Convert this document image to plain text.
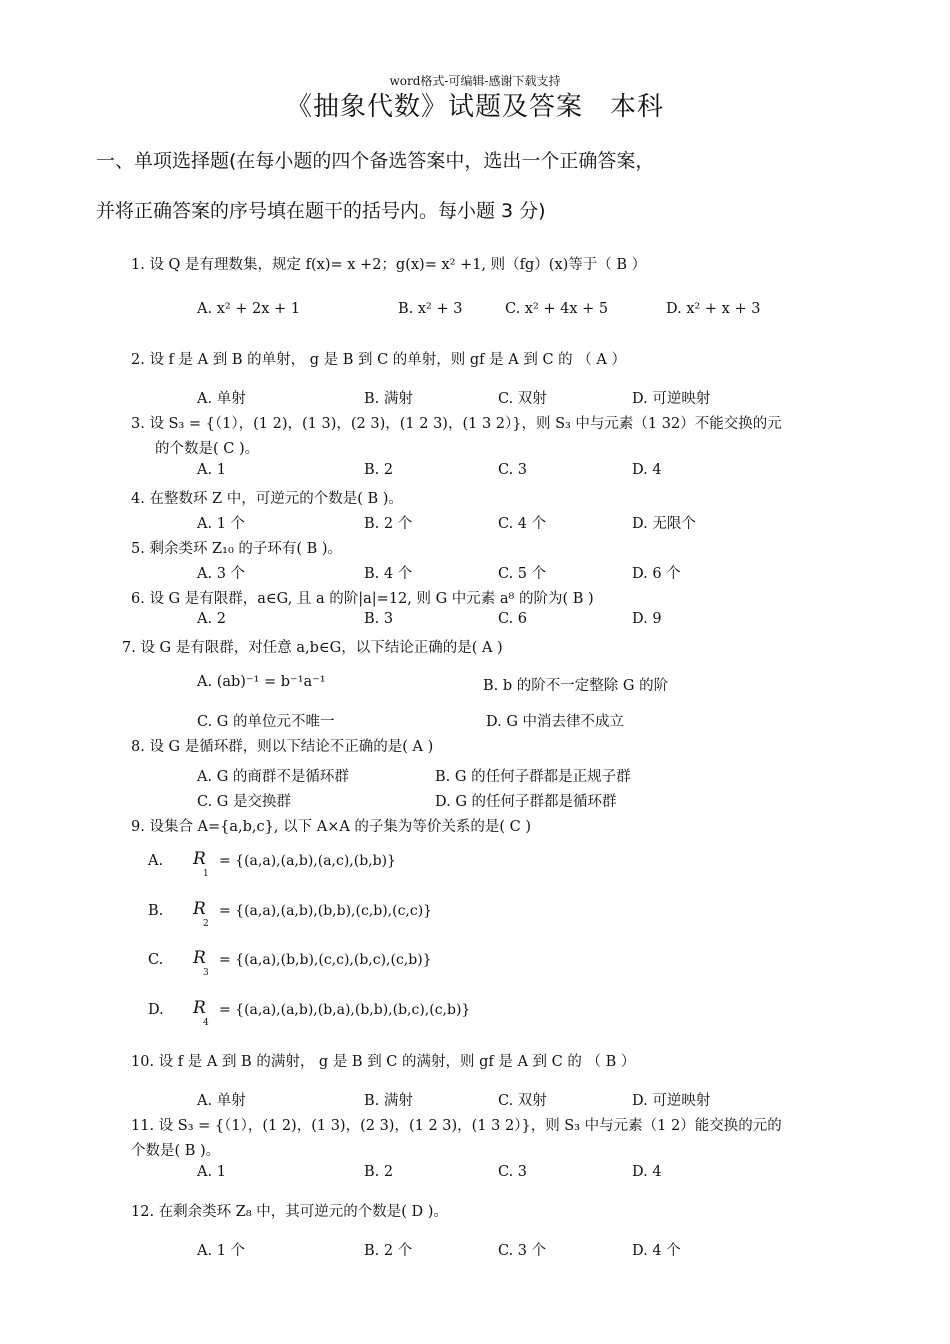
word格式-可编辑-感谢下载支持
《抽象代数》试题及答案　本科
一、单项选择题(在每小题的四个备选答案中，选出一个正确答案，
并将正确答案的序号填在题干的括号内。每小题 3 分)
1. 设 Q 是有理数集，规定 f(x)= x +2；g(x)= x² +1, 则（fg）(x)等于（ B ）
A. x² + 2x + 1	B. x² + 3	C. x² + 4x + 5	D. x² + x + 3
2. 设 f 是 A 到 B 的单射， g 是 B 到 C 的单射，则 gf 是 A 到 C 的 （ A ）
A. 单射	B. 满射	C. 双射	D. 可逆映射
3. 设 S₃ = {（1），(1 2)，(1 3)，(2 3)，(1 2 3)，(1 3 2）}，则 S₃ 中与元素（1 32）不能交换的元
的个数是( C )。
A. 1	B. 2	C. 3	D. 4
4. 在整数环 Z 中，可逆元的个数是( B )。
A. 1 个	B. 2 个	C. 4 个	D. 无限个
5. 剩余类环 Z₁₀ 的子环有( B )。
A. 3 个	B. 4 个	C. 5 个	D. 6 个
6. 设 G 是有限群，a∈G, 且 a 的阶|a|=12, 则 G 中元素 a⁸ 的阶为( B )
A. 2	B. 3	C. 6	D. 9
7. 设 G 是有限群，对任意 a,b∈G，以下结论正确的是( A )
A. (ab)⁻¹ = b⁻¹a⁻¹	B. b 的阶不一定整除 G 的阶
C. G 的单位元不唯一	D. G 中消去律不成立
8. 设 G 是循环群，则以下结论不正确的是( A )
A. G 的商群不是循环群	B. G 的任何子群都是正规子群
C. G 是交换群	D. G 的任何子群都是循环群
9. 设集合 A={a,b,c}, 以下 A×A 的子集为等价关系的是( C )
A. R
1
= {(a,a),(a,b),(a,c),(b,b)}
B. R
2
= {(a,a),(a,b),(b,b),(c,b),(c,c)}
C. R
3
= {(a,a),(b,b),(c,c),(b,c),(c,b)}
D. R
4
= {(a,a),(a,b),(b,a),(b,b),(b,c),(c,b)}
10. 设 f 是 A 到 B 的满射， g 是 B 到 C 的满射，则 gf 是 A 到 C 的 （ B ）
A. 单射	B. 满射	C. 双射	D. 可逆映射
11. 设 S₃ = {（1），(1 2)，(1 3)，(2 3)，(1 2 3)，(1 3 2）}，则 S₃ 中与元素（1 2）能交换的元的
个数是( B )。
A. 1	B. 2	C. 3	D. 4
12. 在剩余类环 Z₈ 中，其可逆元的个数是( D )。
A. 1 个	B. 2 个	C. 3 个	D. 4 个
